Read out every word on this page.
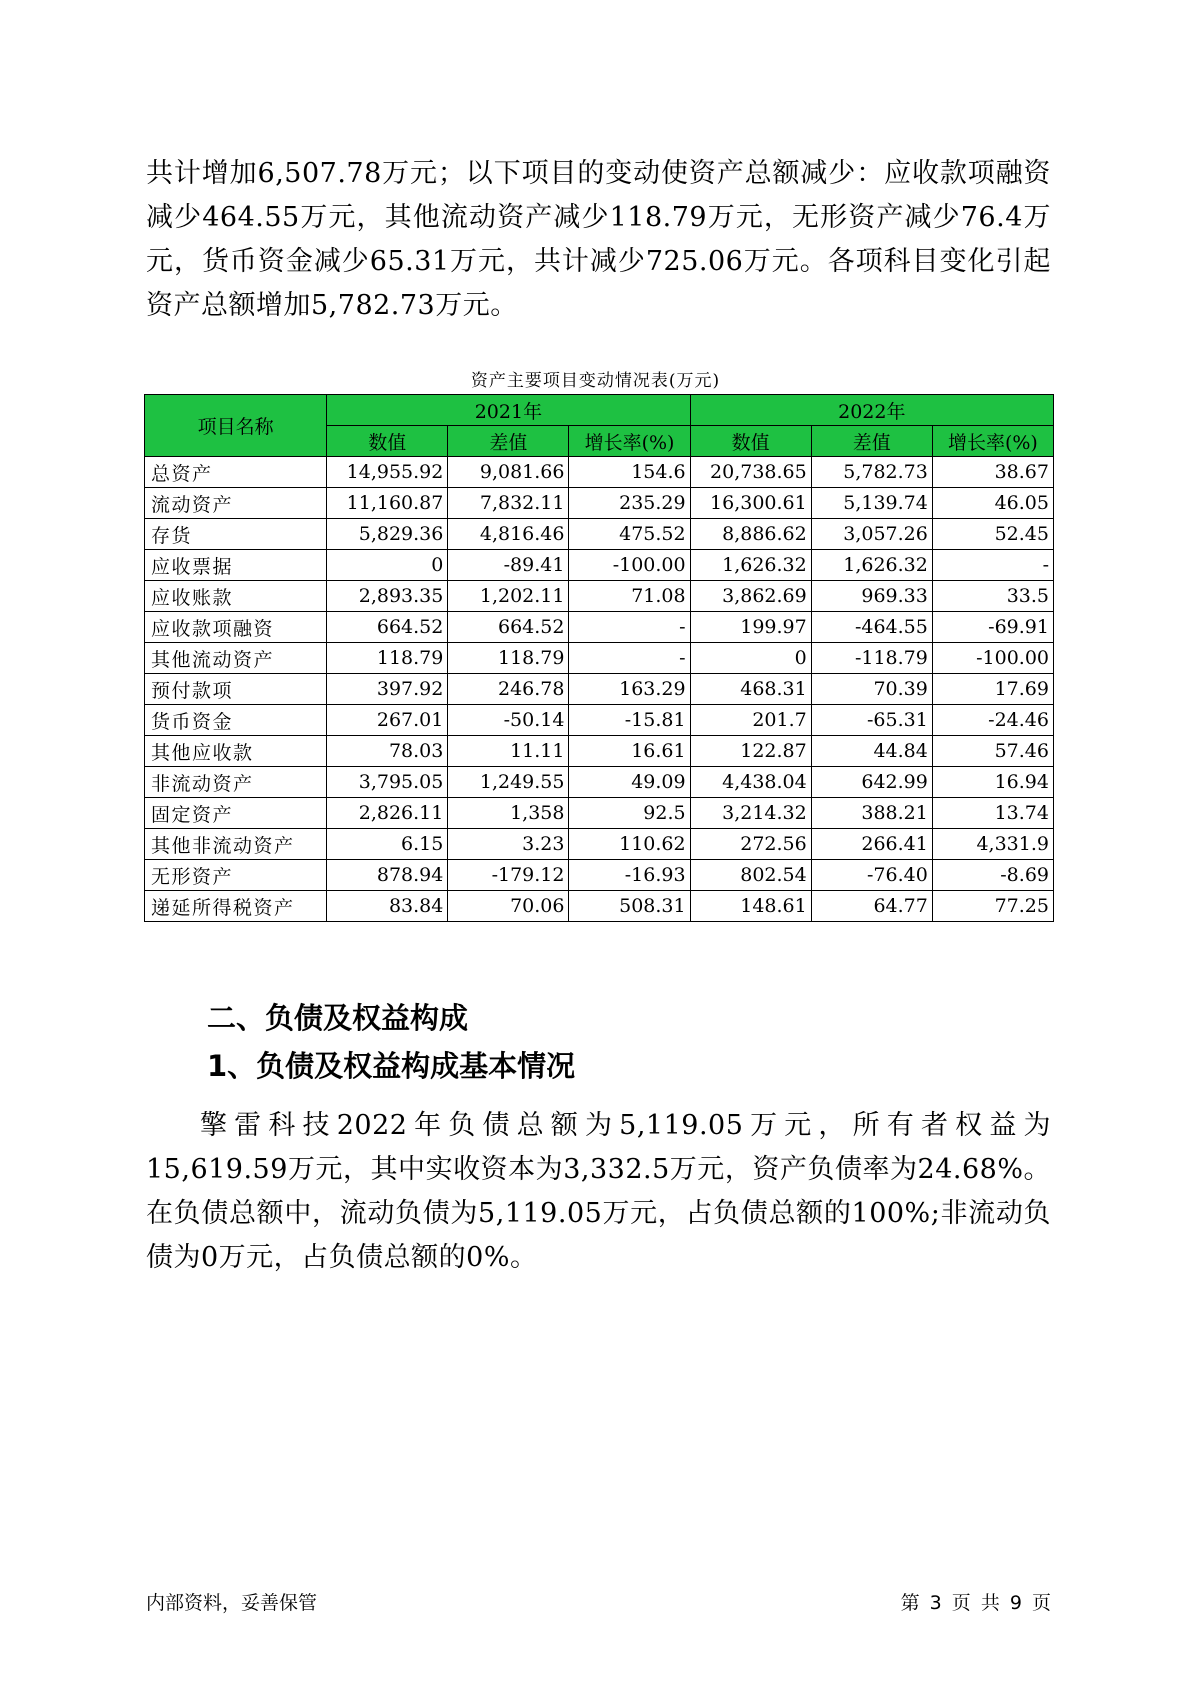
共计增加6,507.78万元；以下项目的变动使资产总额减少：应收款项融资减少464.55万元，其他流动资产减少118.79万元，无形资产减少76.4万元，货币资金减少65.31万元，共计减少725.06万元。各项科目变化引起资产总额增加5,782.73万元。

资产主要项目变动情况表(万元)
项目名称	2021年			2022年		
	数值	差值	增长率(%)	数值	差值	增长率(%)
总资产	14,955.92	9,081.66	154.6	20,738.65	5,782.73	38.67
流动资产	11,160.87	7,832.11	235.29	16,300.61	5,139.74	46.05
存货	5,829.36	4,816.46	475.52	8,886.62	3,057.26	52.45
应收票据	0	-89.41	-100.00	1,626.32	1,626.32	-
应收账款	2,893.35	1,202.11	71.08	3,862.69	969.33	33.5
应收款项融资	664.52	664.52	-	199.97	-464.55	-69.91
其他流动资产	118.79	118.79	-	0	-118.79	-100.00
预付款项	397.92	246.78	163.29	468.31	70.39	17.69
货币资金	267.01	-50.14	-15.81	201.7	-65.31	-24.46
其他应收款	78.03	11.11	16.61	122.87	44.84	57.46
非流动资产	3,795.05	1,249.55	49.09	4,438.04	642.99	16.94
固定资产	2,826.11	1,358	92.5	3,214.32	388.21	13.74
其他非流动资产	6.15	3.23	110.62	272.56	266.41	4,331.9
无形资产	878.94	-179.12	-16.93	802.54	-76.40	-8.69
递延所得税资产	83.84	70.06	508.31	148.61	64.77	77.25
二、负债及权益构成
1、负债及权益构成基本情况

擎雷科技2022年负债总额为5,119.05万元，所有者权益为15,619.59万元，其中实收资本为3,332.5万元，资产负债率为24.68%。在负债总额中，流动负债为5,119.05万元，占负债总额的100%;非流动负债为0万元，占负债总额的0%。

内部资料，妥善保管	第 3 页 共 9 页
